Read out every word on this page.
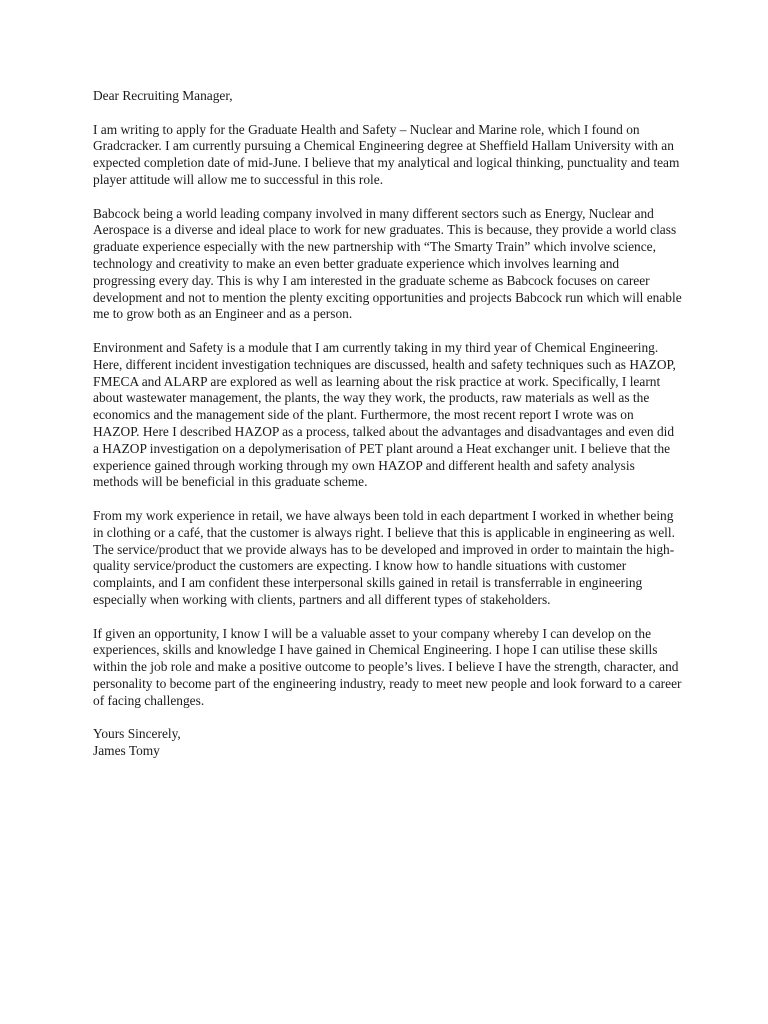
Dear Recruiting Manager,

I am writing to apply for the Graduate Health and Safety – Nuclear and Marine role, which I found on Gradcracker. I am currently pursuing a Chemical Engineering degree at Sheffield Hallam University with an expected completion date of mid-June. I believe that my analytical and logical thinking, punctuality and team player attitude will allow me to successful in this role.

Babcock being a world leading company involved in many different sectors such as Energy, Nuclear and Aerospace is a diverse and ideal place to work for new graduates. This is because, they provide a world class graduate experience especially with the new partnership with “The Smarty Train” which involve science, technology and creativity to make an even better graduate experience which involves learning and progressing every day. This is why I am interested in the graduate scheme as Babcock focuses on career development and not to mention the plenty exciting opportunities and projects Babcock run which will enable me to grow both as an Engineer and as a person.

Environment and Safety is a module that I am currently taking in my third year of Chemical Engineering. Here, different incident investigation techniques are discussed, health and safety techniques such as HAZOP, FMECA and ALARP are explored as well as learning about the risk practice at work. Specifically, I learnt about wastewater management, the plants, the way they work, the products, raw materials as well as the economics and the management side of the plant. Furthermore, the most recent report I wrote was on HAZOP. Here I described HAZOP as a process, talked about the advantages and disadvantages and even did a HAZOP investigation on a depolymerisation of PET plant around a Heat exchanger unit. I believe that the experience gained through working through my own HAZOP and different health and safety analysis methods will be beneficial in this graduate scheme.

From my work experience in retail, we have always been told in each department I worked in whether being in clothing or a café, that the customer is always right. I believe that this is applicable in engineering as well. The service/product that we provide always has to be developed and improved in order to maintain the high-quality service/product the customers are expecting. I know how to handle situations with customer complaints, and I am confident these interpersonal skills gained in retail is transferrable in engineering especially when working with clients, partners and all different types of stakeholders.

If given an opportunity, I know I will be a valuable asset to your company whereby I can develop on the experiences, skills and knowledge I have gained in Chemical Engineering. I hope I can utilise these skills within the job role and make a positive outcome to people’s lives. I believe I have the strength, character, and personality to become part of the engineering industry, ready to meet new people and look forward to a career of facing challenges.

Yours Sincerely,

James Tomy
